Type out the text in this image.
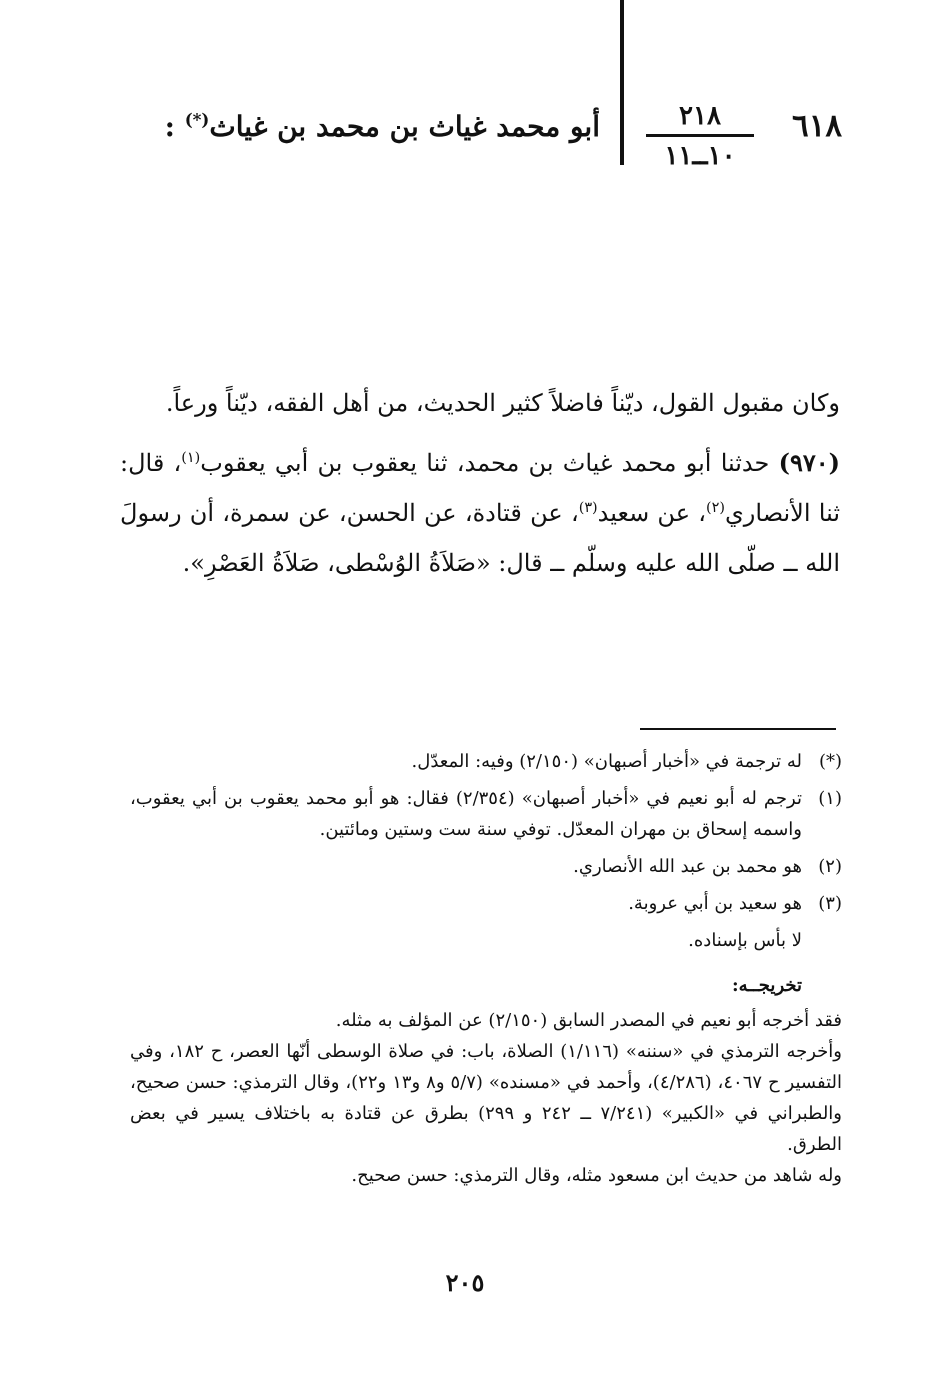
٦١٨
٢١٨
١٠ــ١١
أبو محمد غياث بن محمد بن غياث(*) :

وكان مقبول القول، ديّناً فاضلاً كثير الحديث، من أهل الفقه، ديّناً ورعاً.

(٩٧٠) حدثنا أبو محمد غياث بن محمد، ثنا يعقوب بن أبي يعقوب$^{(١)}$، قال: ثنا الأنصاري$^{(٢)}$، عن سعيد$^{(٣)}$، عن قتادة، عن الحسن، عن سمرة، أن رسولَ الله ــ صلّى الله عليه وسلّم ــ قال: «صَلاَةُ الوُسْطى، صَلاَةُ العَصْرِ».

(*)
له ترجمة في «أخبار أصبهان» (٢/١٥٠) وفيه: المعدّل.
(١)
ترجم له أبو نعيم في «أخبار أصبهان» (٢/٣٥٤) فقال: هو أبو محمد يعقوب بن أبي يعقوب، واسمه إسحاق بن مهران المعدّل. توفي سنة ست وستين ومائتين.
(٢)
هو محمد بن عبد الله الأنصاري.
(٣)
هو سعيد بن أبي عروبة.
لا بأس بإسناده.
تخريجــه:

فقد أخرجه أبو نعيم في المصدر السابق (٢/١٥٠) عن المؤلف به مثله.

وأخرجه الترمذي في «سننه» (١/١١٦) الصلاة، باب: في صلاة الوسطى أنّها العصر، ح ١٨٢، وفي التفسير ح ٤٠٦٧، (٤/٢٨٦)، وأحمد في «مسنده» (٥/٧ و٨ و١٣ و٢٢)، وقال الترمذي: حسن صحيح، والطبراني في «الكبير» (٧/٢٤١ ــ ٢٤٢ و ٢٩٩) بطرق عن قتادة به باختلاف يسير في بعض الطرق.

وله شاهد من حديث ابن مسعود مثله، وقال الترمذي: حسن صحيح.

٢٠٥
